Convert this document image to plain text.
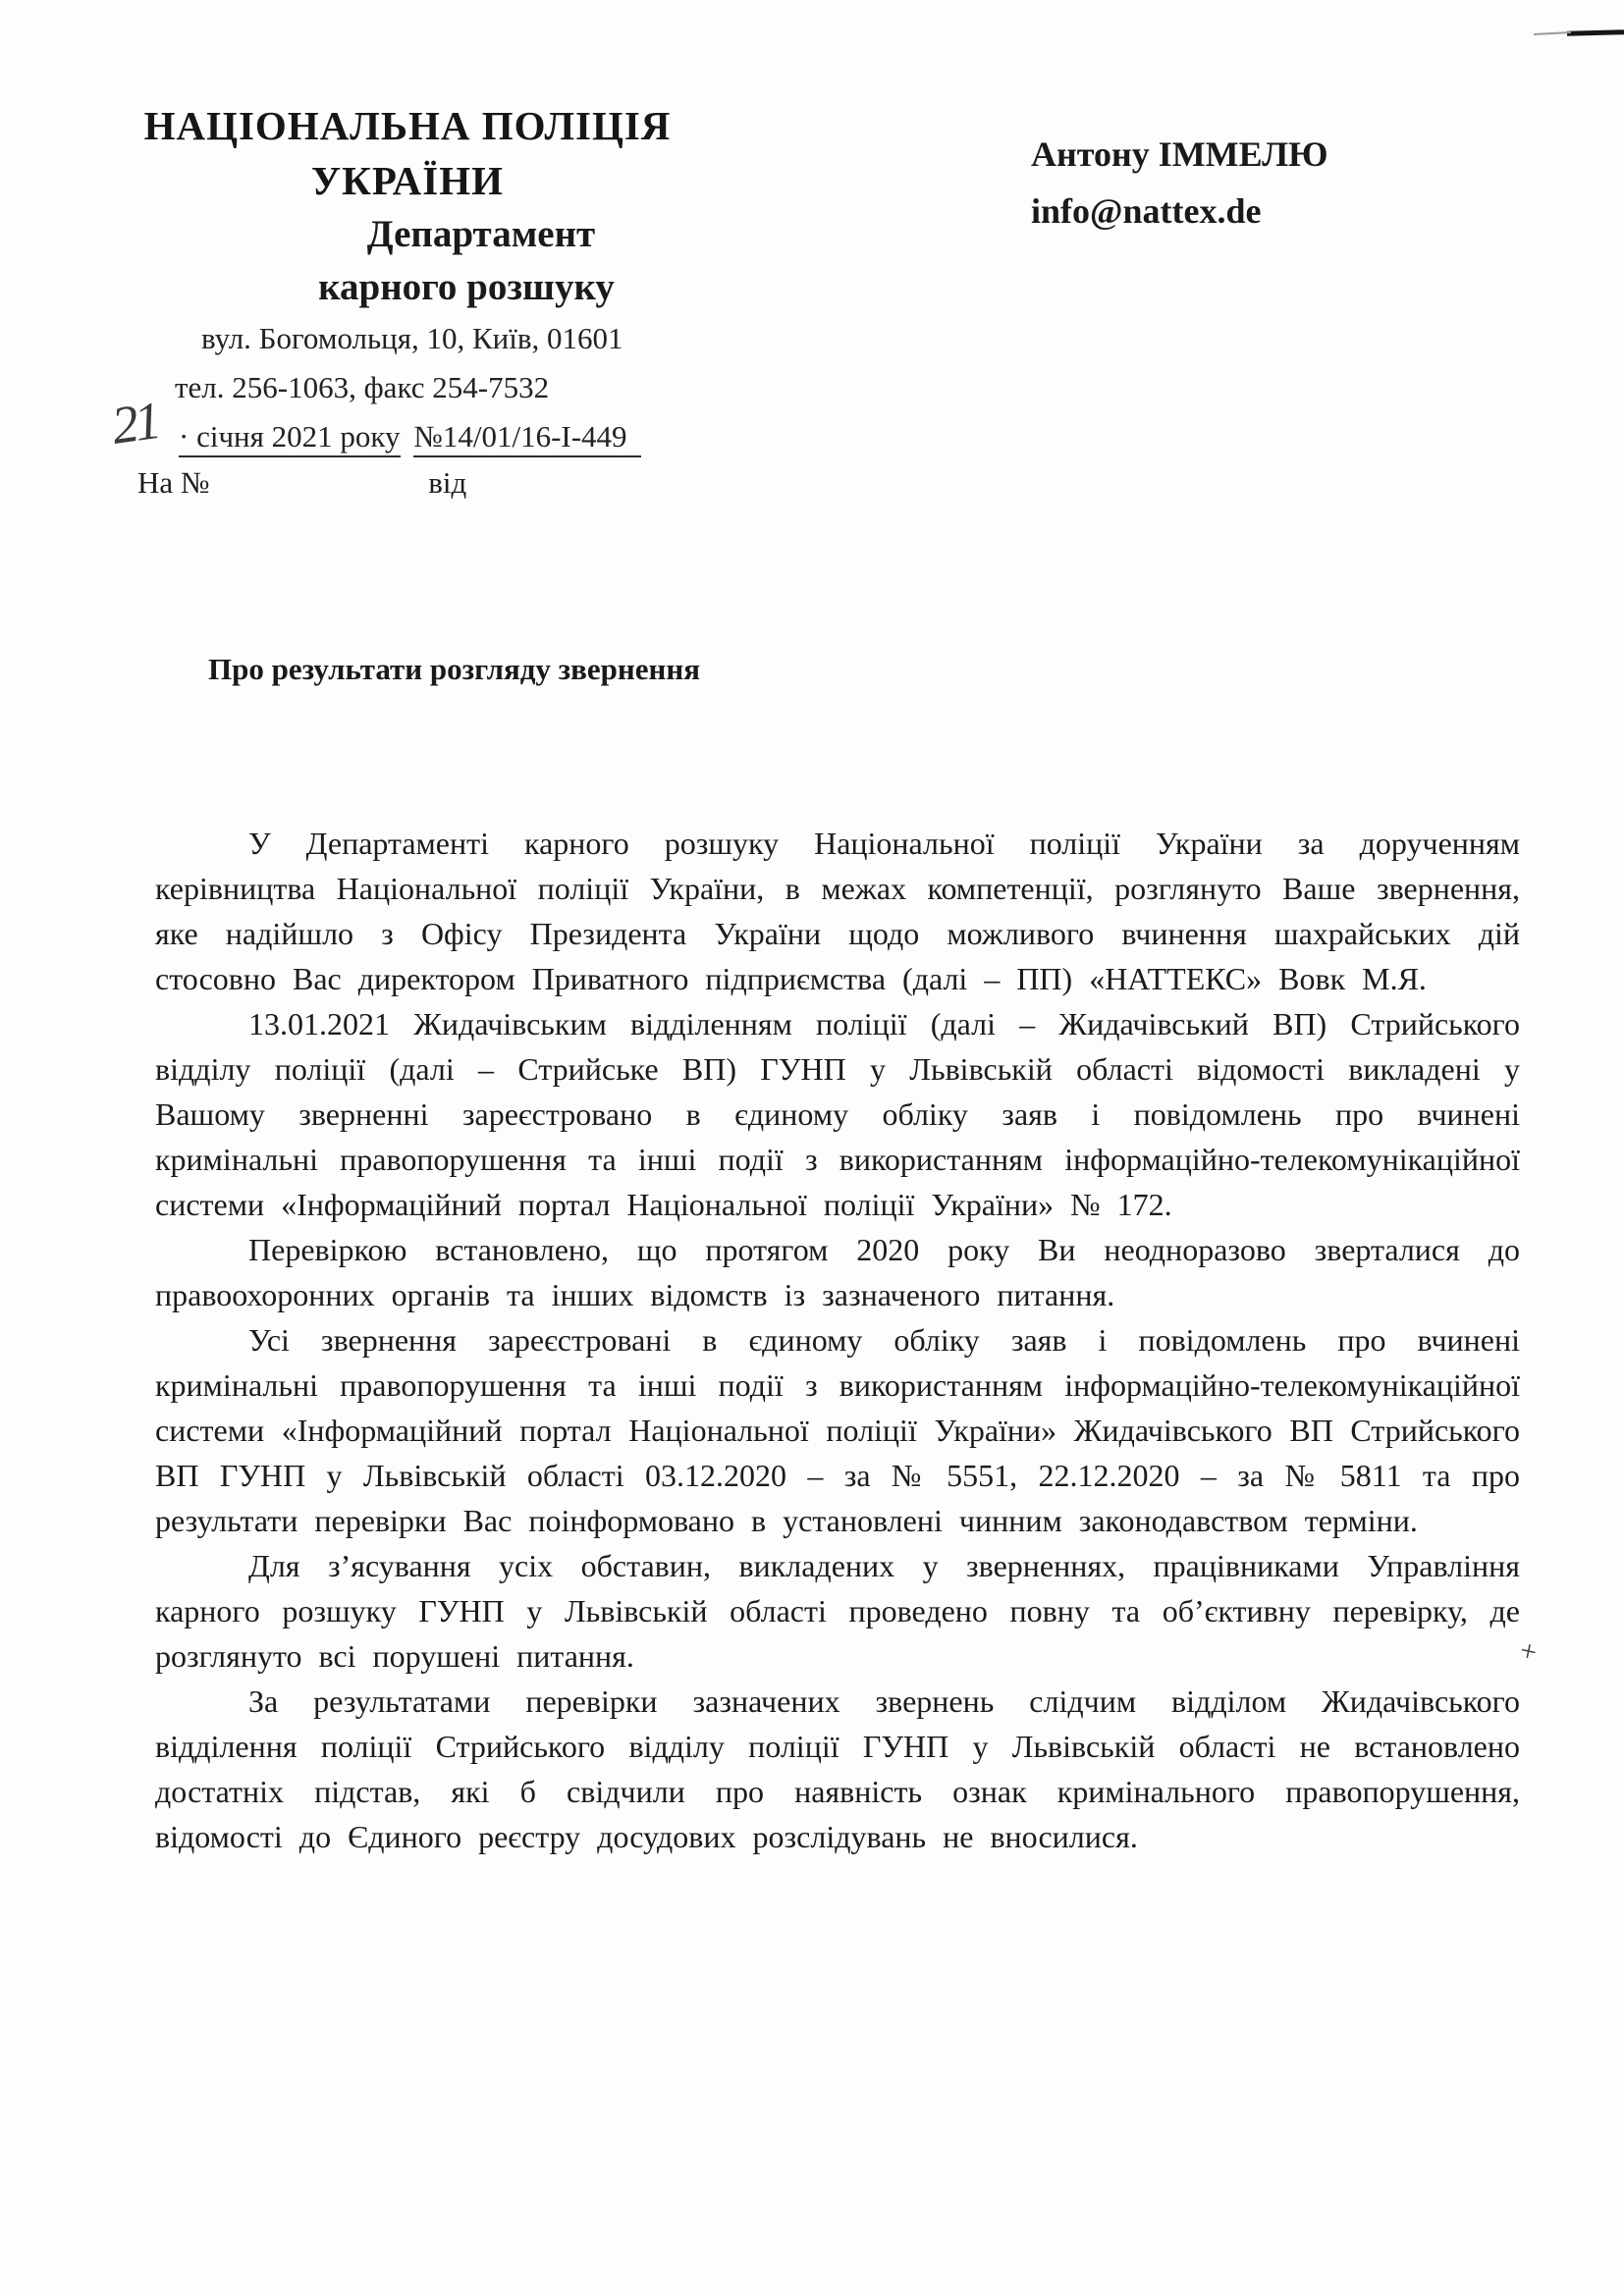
НАЦІОНАЛЬНА ПОЛІЦІЯ
УКРАЇНИ
Департамент
карного розшуку
вул. Богомольця, 10, Київ, 01601
тел. 256-1063, факс 254-7532
21 · січня 2021 року №14/01/16-І-449
На №	від
Антону ІММЕЛЮ
info@nattex.de
Про результати розгляду звернення

У Департаменті карного розшуку Національної поліції України за дорученням керівництва Національної поліції України, в межах компетенції, розглянуто Ваше звернення, яке надійшло з Офісу Президента України щодо можливого вчинення шахрайських дій стосовно Вас директором Приватного підприємства (далі – ПП) «НАТТЕКС» Вовк М.Я.

13.01.2021 Жидачівським відділенням поліції (далі – Жидачівський ВП) Стрийського відділу поліції (далі – Стрийське ВП) ГУНП у Львівській області відомості викладені у Вашому зверненні зареєстровано в єдиному обліку заяв і повідомлень про вчинені кримінальні правопорушення та інші події з використанням інформаційно-телекомунікаційної системи «Інформаційний портал Національної поліції України» № 172.

Перевіркою встановлено, що протягом 2020 року Ви неодноразово зверталися до правоохоронних органів та інших відомств із зазначеного питання.

Усі звернення зареєстровані в єдиному обліку заяв і повідомлень про вчинені кримінальні правопорушення та інші події з використанням інформаційно-телекомунікаційної системи «Інформаційний портал Національної поліції України» Жидачівського ВП Стрийського ВП ГУНП у Львівській області 03.12.2020 – за № 5551, 22.12.2020 – за № 5811 та про результати перевірки Вас поінформовано в установлені чинним законодавством терміни.

Для з’ясування усіх обставин, викладених у зверненнях, працівниками Управління карного розшуку ГУНП у Львівській області проведено повну та об’єктивну перевірку, де розглянуто всі порушені питання.

За результатами перевірки зазначених звернень слідчим відділом Жидачівського відділення поліції Стрийського відділу поліції ГУНП у Львівській області не встановлено достатніх підстав, які б свідчили про наявність ознак кримінального правопорушення, відомості до Єдиного реєстру досудових розслідувань не вносилися.

+
